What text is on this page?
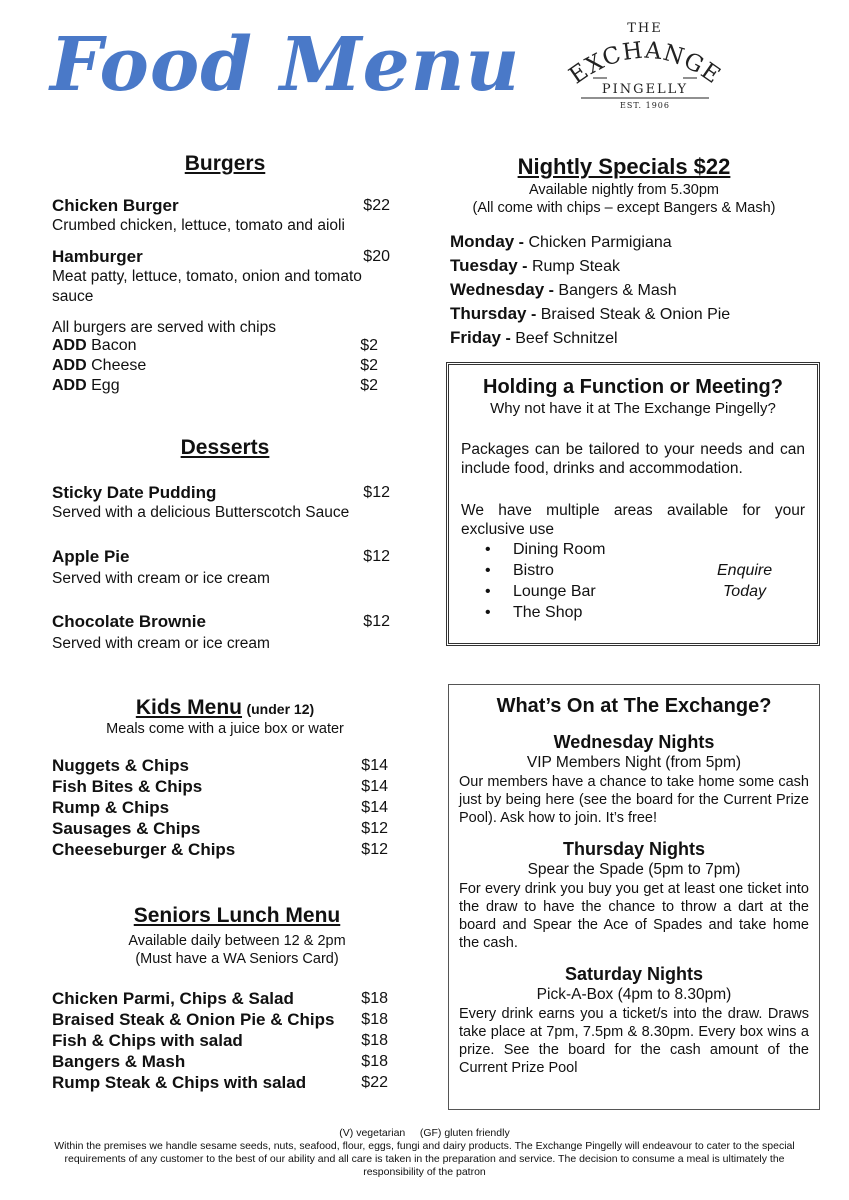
Food Menu	THE
EXCHANGE
PINGELLY
EST. 1906
Burgers
Chicken Burger	$22
Crumbed chicken, lettuce, tomato and aioli
Hamburger	$20
Meat patty, lettuce, tomato, onion and tomato sauce
All burgers are served with chips
ADD Bacon	$2
ADD Cheese	$2
ADD Egg	$2
Desserts
Sticky Date Pudding	$12
Served with a delicious Butterscotch Sauce
Apple Pie	$12
Served with cream or ice cream
Chocolate Brownie	$12
Served with cream or ice cream
Kids Menu (under 12)
Meals come with a juice box or water
Nuggets & Chips	$14
Fish Bites & Chips	$14
Rump & Chips	$14
Sausages & Chips	$12
Cheeseburger & Chips	$12
Seniors Lunch Menu
Available daily between 12 & 2pm
(Must have a WA Seniors Card)
Chicken Parmi, Chips & Salad	$18
Braised Steak & Onion Pie & Chips $18
Fish & Chips with salad	$18
Bangers & Mash	$18
Rump Steak & Chips with salad	$22
Nightly Specials $22
Available nightly from 5.30pm
(All come with chips – except Bangers & Mash)
Monday - Chicken Parmigiana
Tuesday - Rump Steak
Wednesday - Bangers & Mash
Thursday - Braised Steak & Onion Pie
Friday - Beef Schnitzel
Holding a Function or Meeting?
Why not have it at The Exchange Pingelly?
Packages can be tailored to your needs and can include food, drinks and accommodation.
We have multiple areas available for your exclusive use
• Dining Room
• Bistro
• Lounge Bar
• The Shop
Enquire
Today
What’s On at The Exchange?
Wednesday Nights
VIP Members Night (from 5pm)
Our members have a chance to take home some cash just by being here (see the board for the Current Prize Pool). Ask how to join. It’s free!
Thursday Nights
Spear the Spade (5pm to 7pm)
For every drink you buy you get at least one ticket into the draw to have the chance to throw a dart at the board and Spear the Ace of Spades and take home the cash.
Saturday Nights
Pick-A-Box (4pm to 8.30pm)
Every drink earns you a ticket/s into the draw. Draws take place at 7pm, 7.5pm & 8.30pm. Every box wins a prize. See the board for the cash amount of the Current Prize Pool
(V) vegetarian     (GF) gluten friendly
Within the premises we handle sesame seeds, nuts, seafood, flour, eggs, fungi and dairy products. The Exchange Pingelly will endeavour to cater to the special requirements of any customer to the best of our ability and all care is taken in the preparation and service. The decision to consume a meal is ultimately the responsibility of the patron
